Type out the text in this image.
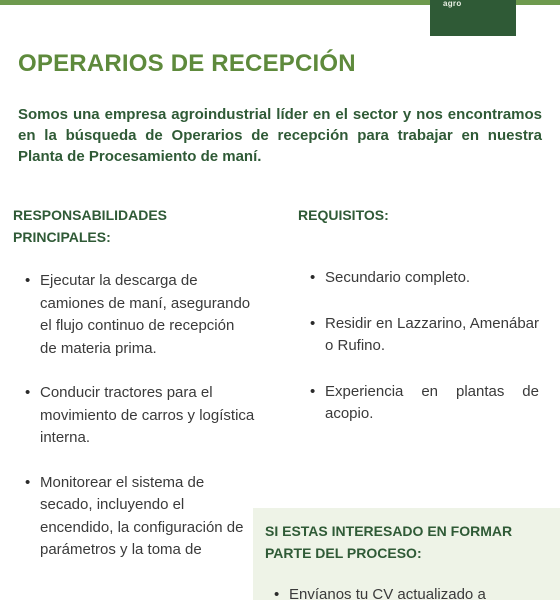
agro
OPERARIOS DE RECEPCIÓN

Somos una empresa agroindustrial líder en el sector y nos encontramos en la búsqueda de Operarios de recepción para trabajar en nuestra Planta de Procesamiento de maní.

RESPONSABILIDADES PRINCIPALES:
REQUISITOS:
• Ejecutar la descarga de camiones de maní, asegurando el flujo continuo de recepción de materia prima.
• Conducir tractores para el movimiento de carros y logística interna.
• Monitorear el sistema de secado, incluyendo el encendido, la configuración de parámetros y la toma de
• Secundario completo.
• Residir en Lazzarino, Amenábar o Rufino.
• Experiencia en plantas de acopio.
SI ESTAS INTERESADO EN FORMAR PARTE DEL PROCESO:
• Envíanos tu CV actualizado a
